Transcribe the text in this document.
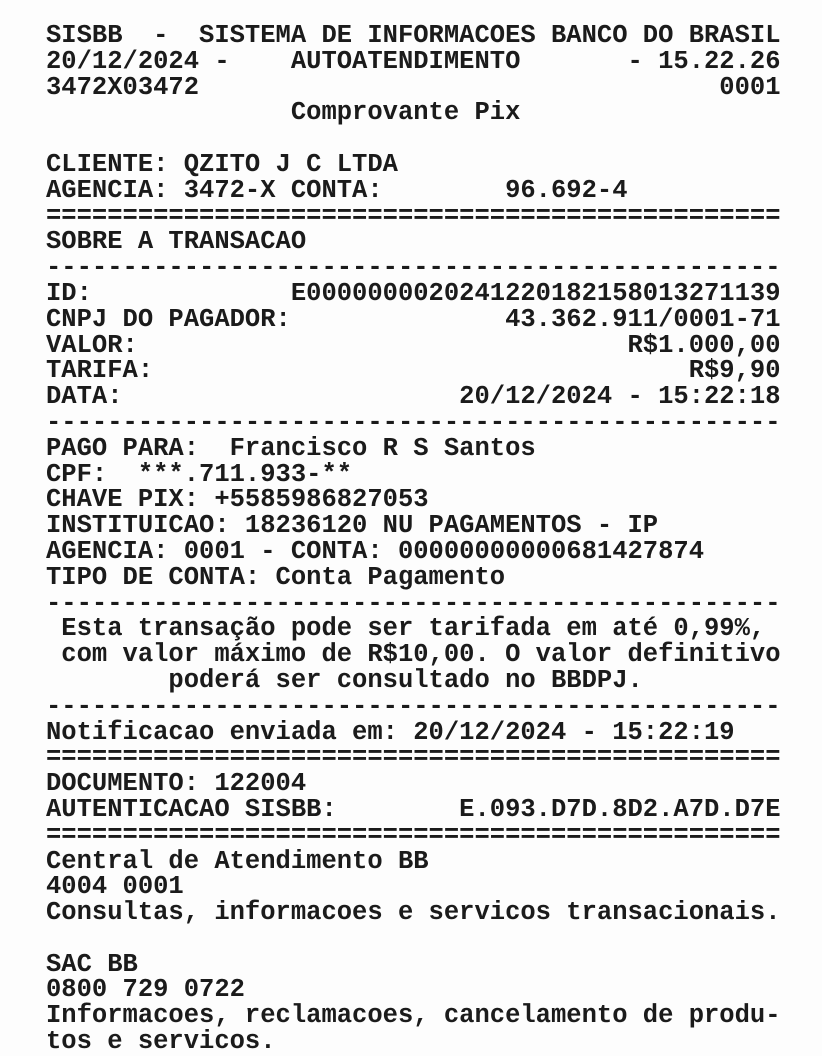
SISBB  -  SISTEMA DE INFORMACOES BANCO DO BRASIL
20/12/2024 -    AUTOATENDIMENTO       - 15.22.26
3472X03472                                  0001
Comprovante Pix
CLIENTE: QZITO J C LTDA
AGENCIA: 3472-X CONTA:        96.692-4
================================================
SOBRE A TRANSACAO
------------------------------------------------
ID:             E0000000020241220182158013271139
CNPJ DO PAGADOR:              43.362.911/0001-71
VALOR:                                R$1.000,00
TARIFA:                                   R$9,90
DATA:                      20/12/2024 - 15:22:18
------------------------------------------------
PAGO PARA:  Francisco R S Santos
CPF:  ***.711.933-**
CHAVE PIX: +5585986827053
INSTITUICAO: 18236120 NU PAGAMENTOS - IP
AGENCIA: 0001 - CONTA: 00000000000681427874
TIPO DE CONTA: Conta Pagamento
------------------------------------------------
Esta transação pode ser tarifada em até 0,99%,
com valor máximo de R$10,00. O valor definitivo
poderá ser consultado no BBDPJ.
------------------------------------------------
Notificacao enviada em: 20/12/2024 - 15:22:19
================================================
DOCUMENTO: 122004
AUTENTICACAO SISBB:        E.093.D7D.8D2.A7D.D7E
================================================
Central de Atendimento BB
4004 0001
Consultas, informacoes e servicos transacionais.
SAC BB
0800 729 0722
Informacoes, reclamacoes, cancelamento de produ-
tos e servicos.
